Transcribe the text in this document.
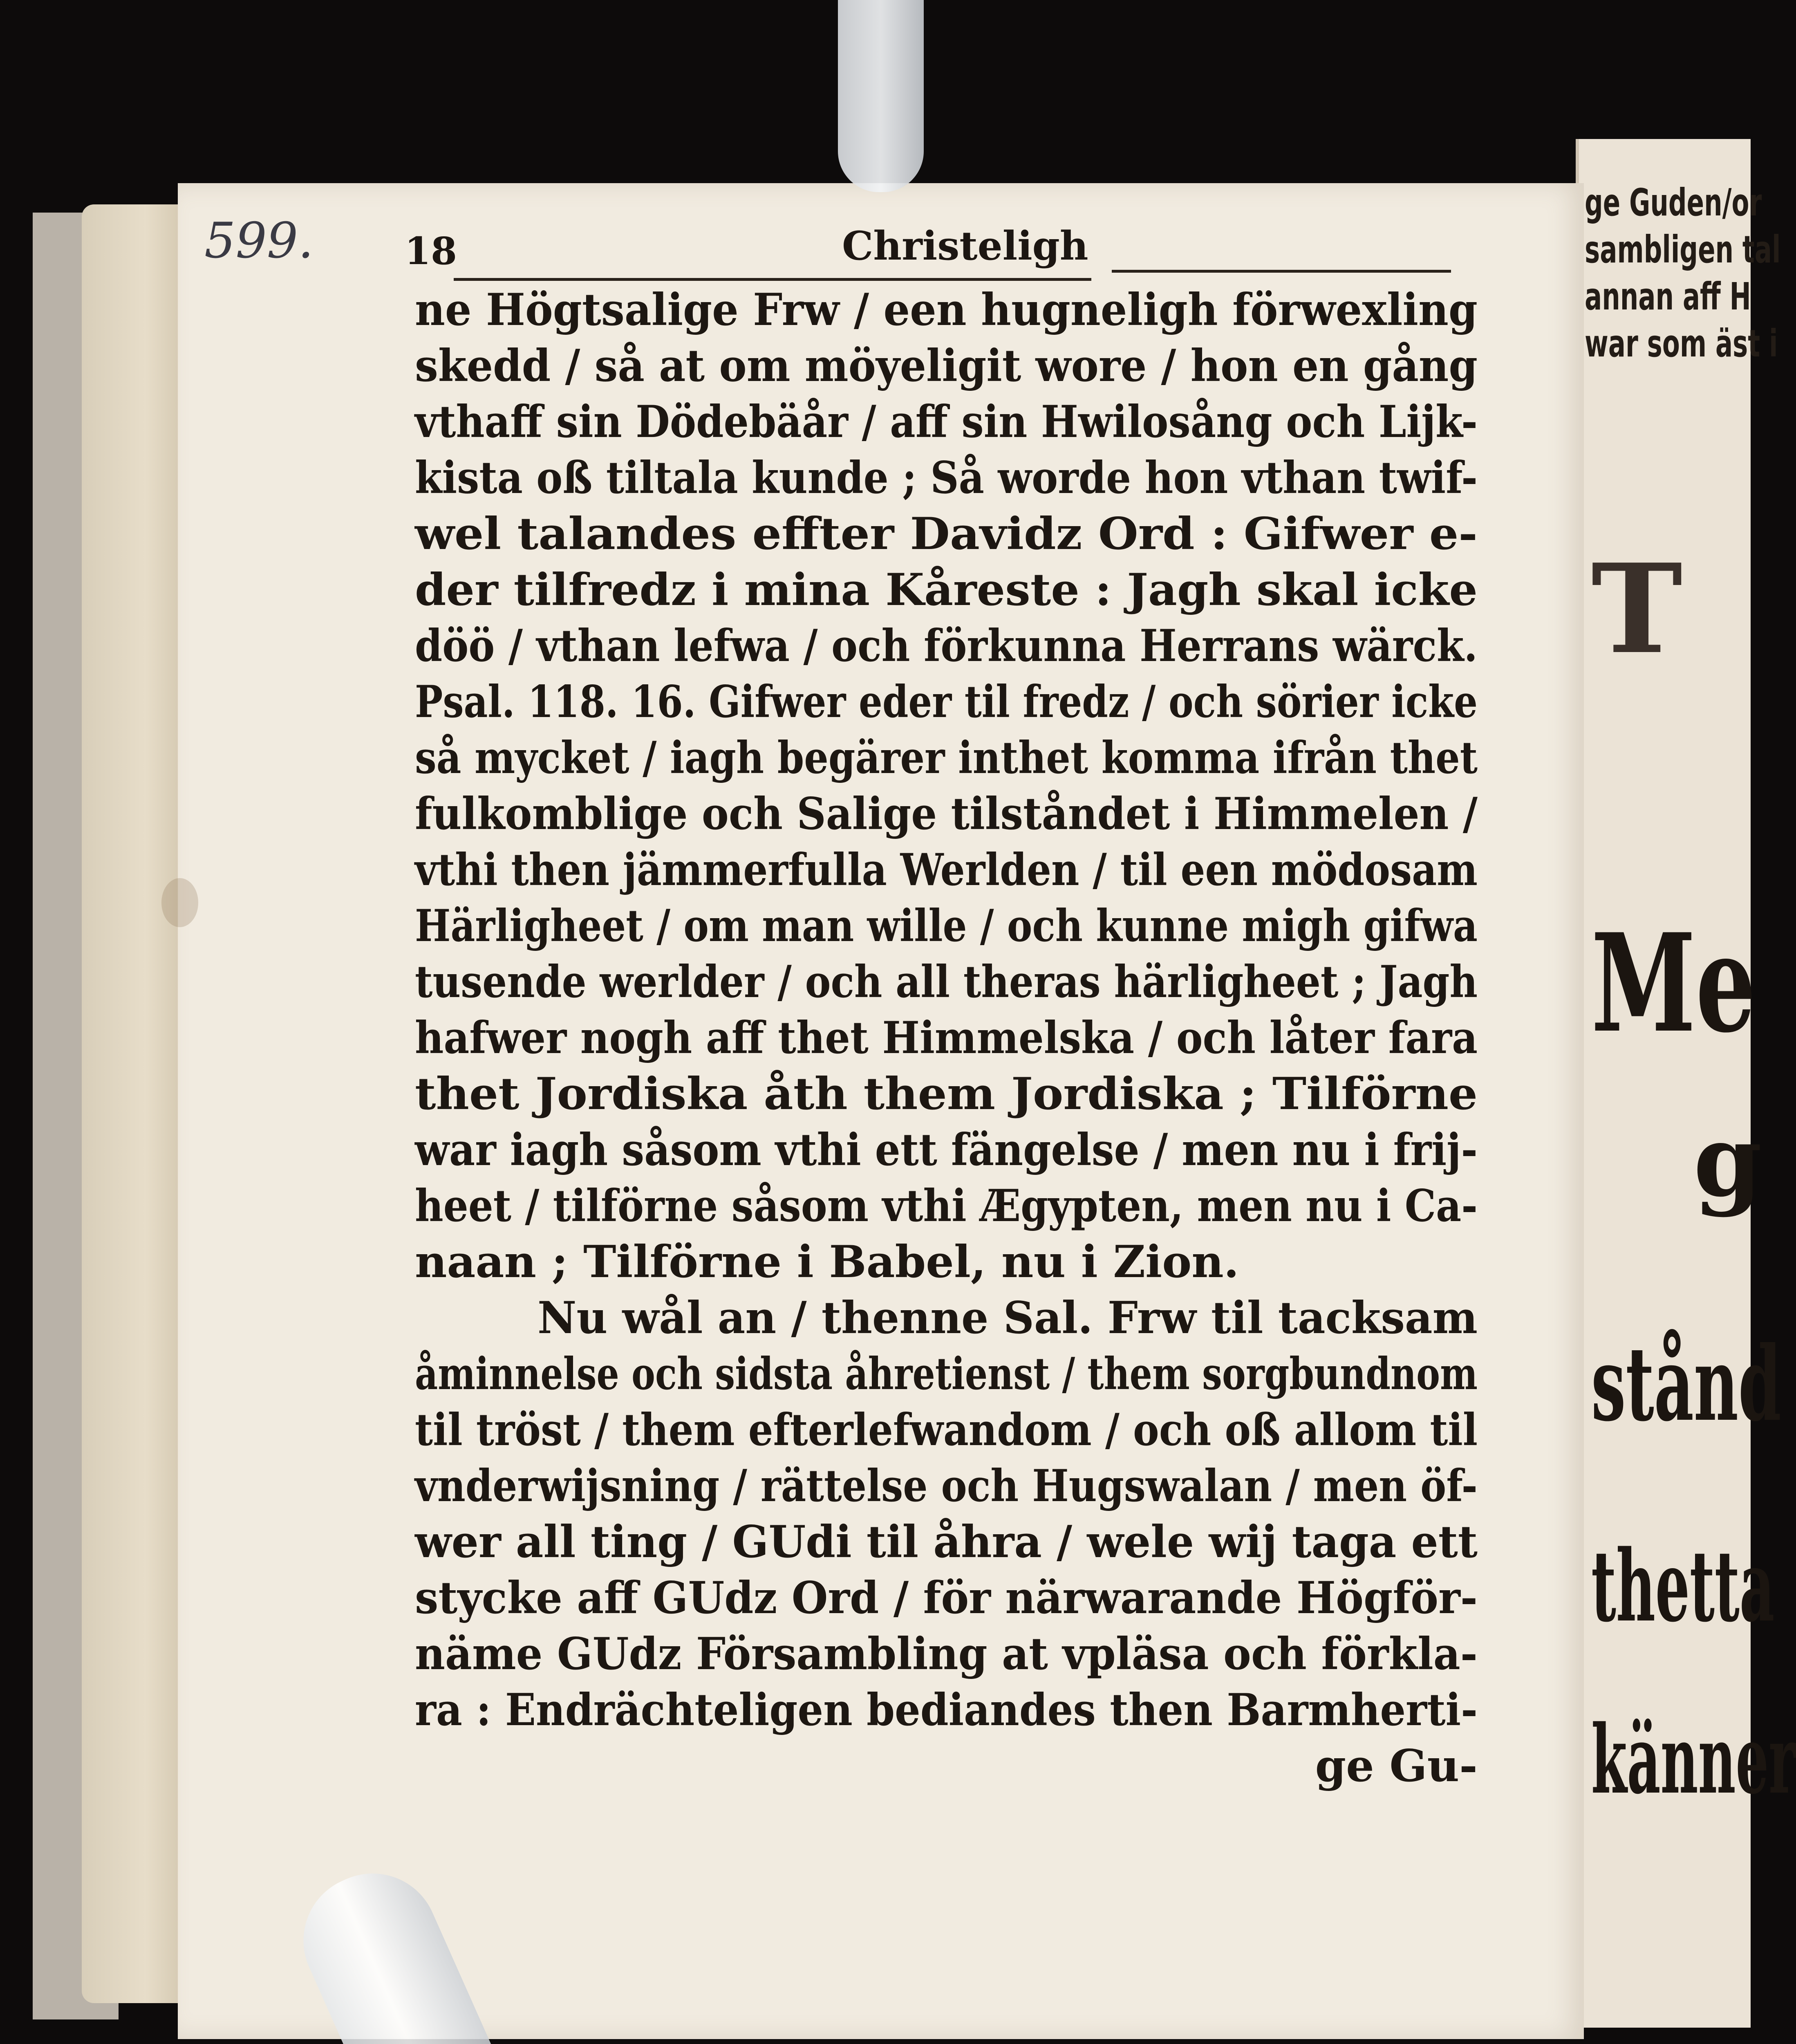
ge Guden/or
sambligen tal
annan aff H
war som äst i
T
Me
g
stånd
thetta
känner
599. 18	Christeligh
ne Högtsalige Frw / een hugneligh förwexling
skedd / så at om möyeligit wore / hon en gång
vthaff sin Dödebäår / aff sin Hwilosång och Lijk-
kista oß tiltala kunde ; Så worde hon vthan twif-
wel talandes effter Davidz Ord : Gifwer e-
der tilfredz i mina Kåreste : Jagh skal icke
döö / vthan lefwa / och förkunna Herrans wärck.
Psal. 118. 16. Gifwer eder til fredz / och sörier icke
så mycket / iagh begärer inthet komma ifrån thet
fulkomblige och Salige tilståndet i Himmelen /
vthi then jämmerfulla Werlden / til een mödosam
Härligheet / om man wille / och kunne migh gifwa
tusende werlder / och all theras härligheet ; Jagh
hafwer nogh aff thet Himmelska / och låter fara
thet Jordiska åth them Jordiska ; Tilförne
war iagh såsom vthi ett fängelse / men nu i frij-
heet / tilförne såsom vthi Ægypten, men nu i Ca-
naan ; Tilförne i Babel, nu i Zion.
Nu wål an / thenne Sal. Frw til tacksam
åminnelse och sidsta åhretienst / them sorgbundnom
til tröst / them efterlefwandom / och oß allom til
vnderwijsning / rättelse och Hugswalan / men öf-
wer all ting / GUdi til åhra / wele wij taga ett
stycke aff GUdz Ord / för närwarande Högför-
näme GUdz Försambling at vpläsa och förkla-
ra : Endrächteligen bediandes then Barmherti-
ge Gu-
